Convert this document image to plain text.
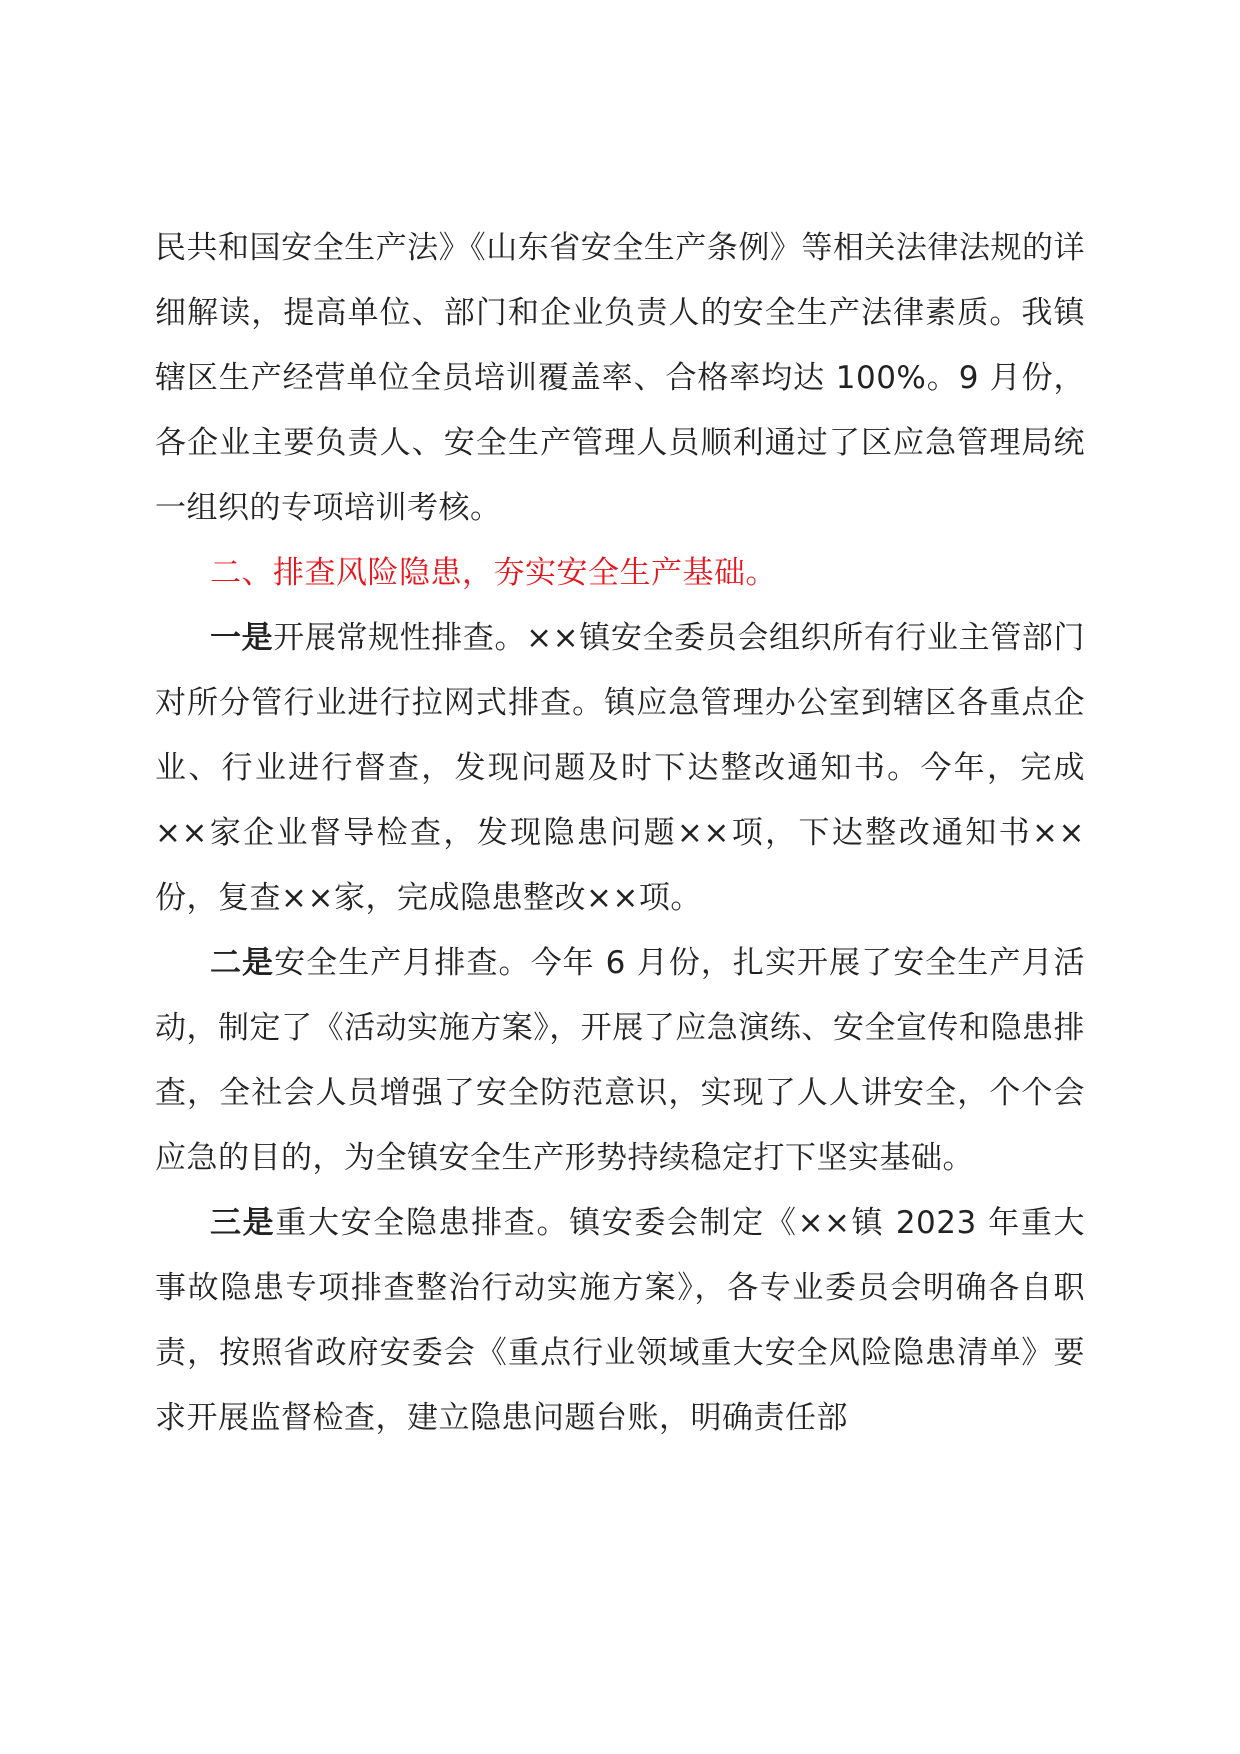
民共和国安全生产法》《山东省安全生产条例》等相关法律法规的详细解读，提高单位、部门和企业负责人的安全生产法律素质。我镇辖区生产经营单位全员培训覆盖率、合格率均达 100%。9 月份，各企业主要负责人、安全生产管理人员顺利通过了区应急管理局统一组织的专项培训考核。

二、排查风险隐患，夯实安全生产基础。

一是开展常规性排查。××镇安全委员会组织所有行业主管部门对所分管行业进行拉网式排查。镇应急管理办公室到辖区各重点企业、行业进行督查，发现问题及时下达整改通知书。今年，完成××家企业督导检查，发现隐患问题××项，下达整改通知书××份，复查××家，完成隐患整改××项。

二是安全生产月排查。今年 6 月份，扎实开展了安全生产月活动，制定了《活动实施方案》，开展了应急演练、安全宣传和隐患排查，全社会人员增强了安全防范意识，实现了人人讲安全，个个会应急的目的，为全镇安全生产形势持续稳定打下坚实基础。

三是重大安全隐患排查。镇安委会制定《××镇 2023 年重大事故隐患专项排查整治行动实施方案》，各专业委员会明确各自职责，按照省政府安委会《重点行业领域重大安全风险隐患清单》要求开展监督检查，建立隐患问题台账，明确责任部
